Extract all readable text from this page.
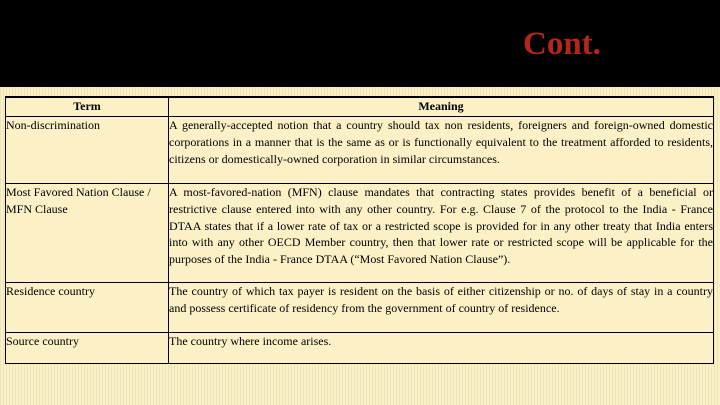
Cont.
Term	Meaning
Non-discrimination	A generally-accepted notion that a country should tax non residents, foreigners and foreign-owned domestic corporations in a manner that is the same as or is functionally equivalent to the treatment afforded to residents, citizens or domestically-owned corporation in similar circumstances.
Most Favored Nation Clause / MFN Clause	A most-favored-nation (MFN) clause mandates that contracting states provides benefit of a beneficial or restrictive clause entered into with any other country. For e.g. Clause 7 of the protocol to the India - France DTAA states that if a lower rate of tax or a restricted scope is provided for in any other treaty that India enters into with any other OECD Member country, then that lower rate or restricted scope will be applicable for the purposes of the India - France DTAA (“Most Favored Nation Clause”).
Residence country	The country of which tax payer is resident on the basis of either citizenship or no. of days of stay in a country and possess certificate of residency from the government of country of residence.
Source country	The country where income arises.
